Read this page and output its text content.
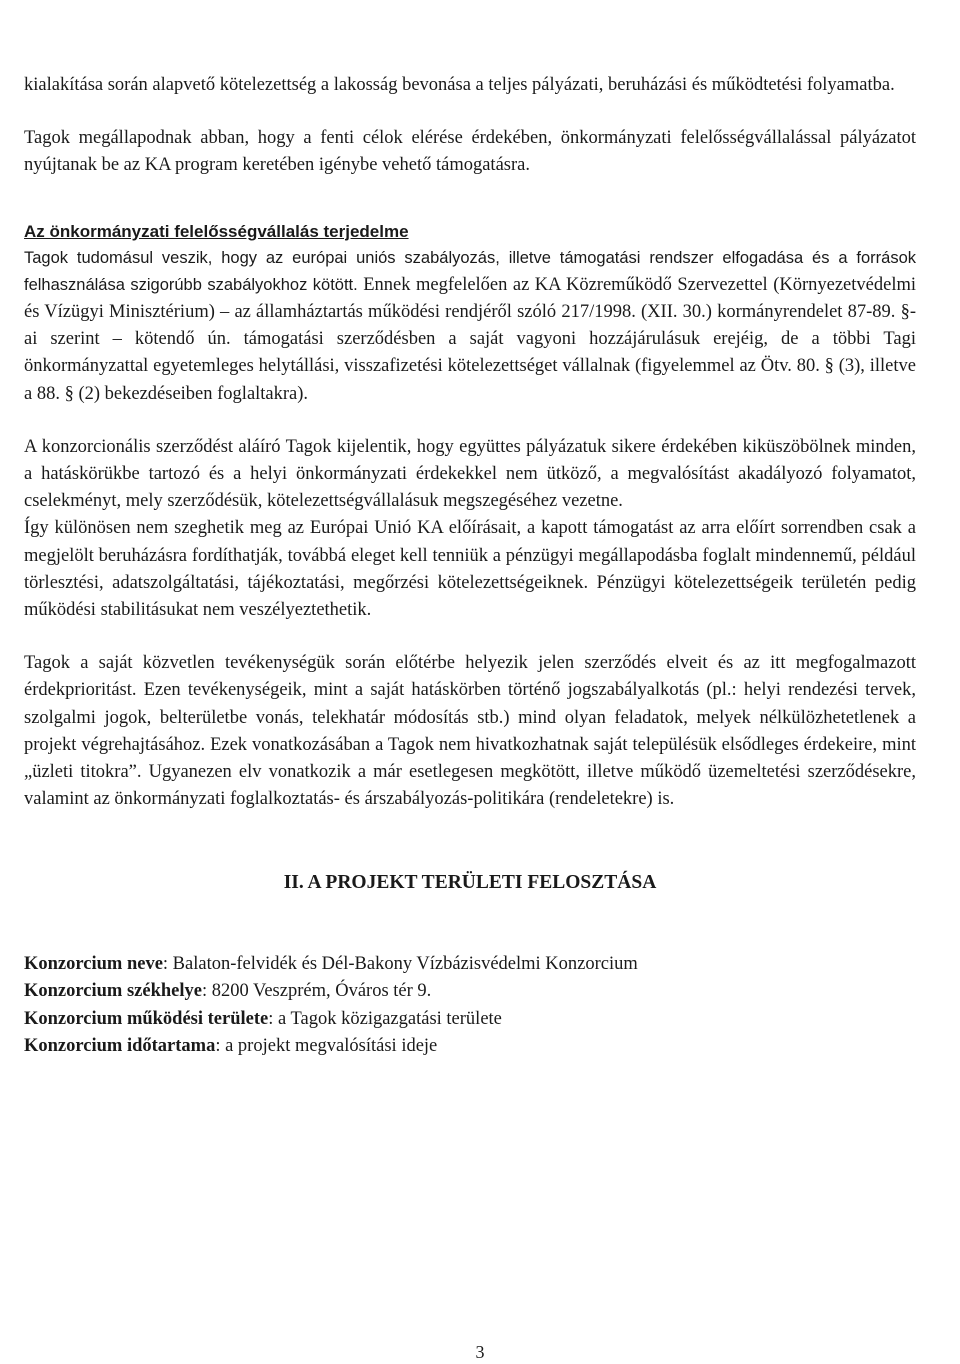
kialakítása során alapvető kötelezettség a lakosság bevonása a teljes pályázati, beruházási és működtetési folyamatba.

Tagok megállapodnak abban, hogy a fenti célok elérése érdekében, önkormányzati felelősségvállalással pályázatot nyújtanak be az KA program keretében igénybe vehető támogatásra.

Az önkormányzati felelősségvállalás terjedelme

Tagok tudomásul veszik, hogy az európai uniós szabályozás, illetve támogatási rendszer elfogadása és a források felhasználása szigorúbb szabályokhoz kötött. Ennek megfelelően az KA Közreműködő Szervezettel (Környezetvédelmi és Vízügyi Minisztérium) – az államháztartás működési rendjéről szóló 217/1998. (XII. 30.) kormányrendelet 87-89. §-ai szerint – kötendő ún. támogatási szerződésben a saját vagyoni hozzájárulásuk erejéig, de a többi Tagi önkormányzattal egyetemleges helytállási, visszafizetési kötelezettséget vállalnak (figyelemmel az Ötv. 80. § (3), illetve a 88. § (2) bekezdéseiben foglaltakra).

A konzorcionális szerződést aláíró Tagok kijelentik, hogy együttes pályázatuk sikere érdekében kiküszöbölnek minden, a hatáskörükbe tartozó és a helyi önkormányzati érdekekkel nem ütköző, a megvalósítást akadályozó folyamatot, cselekményt, mely szerződésük, kötelezettségvállalásuk megszegéséhez vezetne.

Így különösen nem szeghetik meg az Európai Unió KA előírásait, a kapott támogatást az arra előírt sorrendben csak a megjelölt beruházásra fordíthatják, továbbá eleget kell tenniük a pénzügyi megállapodásba foglalt mindennemű, például törlesztési, adatszolgáltatási, tájékoztatási, megőrzési kötelezettségeiknek. Pénzügyi kötelezettségeik területén pedig működési stabilitásukat nem veszélyeztethetik.

Tagok a saját közvetlen tevékenységük során előtérbe helyezik jelen szerződés elveit és az itt megfogalmazott érdekprioritást. Ezen tevékenységeik, mint a saját hatáskörben történő jogszabályalkotás (pl.: helyi rendezési tervek, szolgalmi jogok, belterületbe vonás, telekhatár módosítás stb.) mind olyan feladatok, melyek nélkülözhetetlenek a projekt végrehajtásához. Ezek vonatkozásában a Tagok nem hivatkozhatnak saját településük elsődleges érdekeire, mint „üzleti titokra”. Ugyanezen elv vonatkozik a már esetlegesen megkötött, illetve működő üzemeltetési szerződésekre, valamint az önkormányzati foglalkoztatás- és árszabályozás-politikára (rendeletekre) is.

II. A PROJEKT TERÜLETI FELOSZTÁSA
Konzorcium neve: Balaton-felvidék és Dél-Bakony Vízbázisvédelmi Konzorcium
Konzorcium székhelye: 8200 Veszprém, Óváros tér 9.
Konzorcium működési területe: a Tagok közigazgatási területe
Konzorcium időtartama: a projekt megvalósítási ideje
3
